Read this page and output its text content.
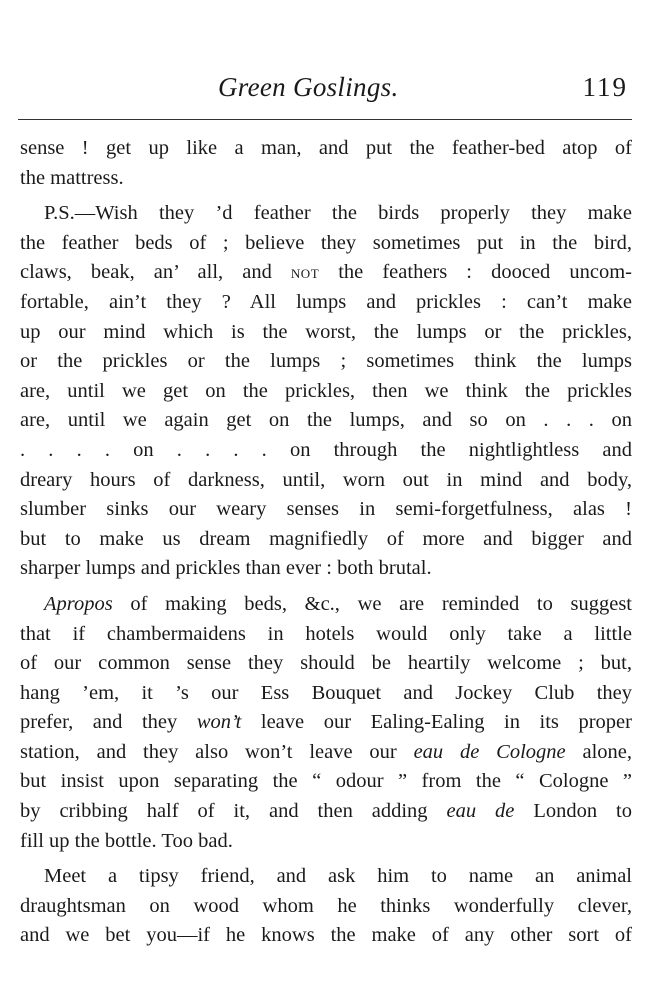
Green Goslings.	119
sense ! get up like a man, and put the feather-bed atop of
the mattress.
P.S.—Wish they ’d feather the birds properly they make
the feather beds of ; believe they sometimes put in the bird,
claws, beak, an’ all, and not the feathers : dooced uncom-
fortable, ain’t they ? All lumps and prickles : can’t make
up our mind which is the worst, the lumps or the prickles,
or the prickles or the lumps ; sometimes think the lumps
are, until we get on the prickles, then we think the prickles
are, until we again get on the lumps, and so on . . . on
. . . . on . . . . on through the nightlightless and
dreary hours of darkness, until, worn out in mind and body,
slumber sinks our weary senses in semi-forgetfulness, alas !
but to make us dream magnifiedly of more and bigger and
sharper lumps and prickles than ever : both brutal.
Apropos of making beds, &c., we are reminded to suggest
that if chambermaidens in hotels would only take a little
of our common sense they should be heartily welcome ; but,
hang ’em, it ’s our Ess Bouquet and Jockey Club they
prefer, and they won’t leave our Ealing-Ealing in its proper
station, and they also won’t leave our eau de Cologne alone,
but insist upon separating the “ odour ” from the “ Cologne ”
by cribbing half of it, and then adding eau de London to
fill up the bottle. Too bad.
Meet a tipsy friend, and ask him to name an animal
draughtsman on wood whom he thinks wonderfully clever,
and we bet you—if he knows the make of any other sort of
